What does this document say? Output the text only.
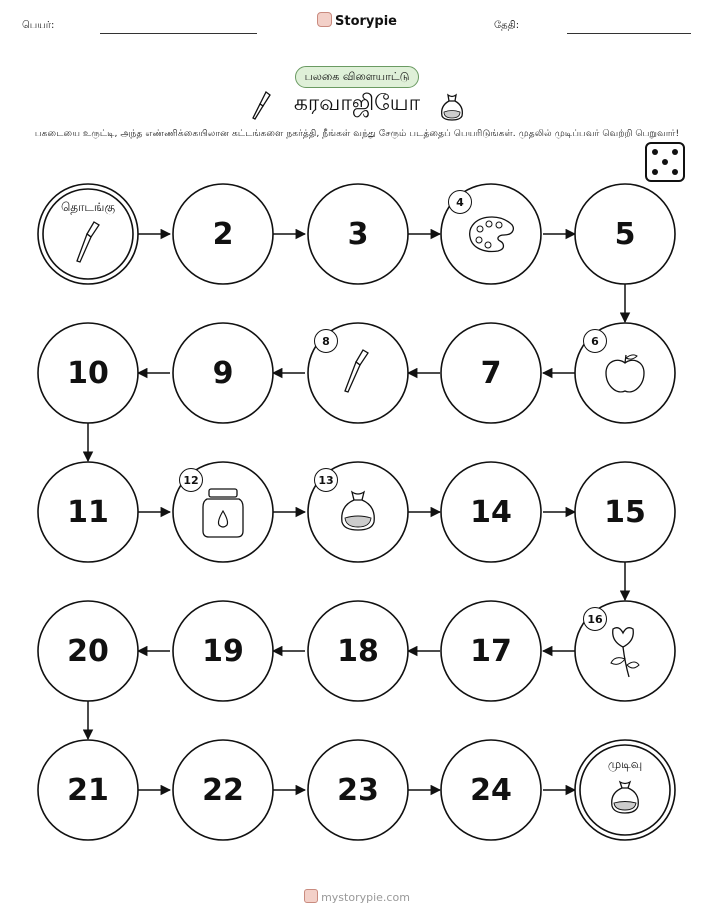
பெயர்:	Storypie	தேதி:
பலகை விளையாட்டு
கரவாஜியோ
பகடையை உருட்டி, அந்த எண்ணிக்கையிலான கட்டங்களை நகர்த்தி, நீங்கள் வந்து சேரும் படத்தைப் பெயரிடுங்கள். முதலில் முடிப்பவர் வெற்றி பெறுவார்!
தொடங்கு
முடிவு
2	3	5
7
9
10
11	14	15
17
18
19
20
21	22	23	24
4
6
8
12	13
16
mystorypie.com
